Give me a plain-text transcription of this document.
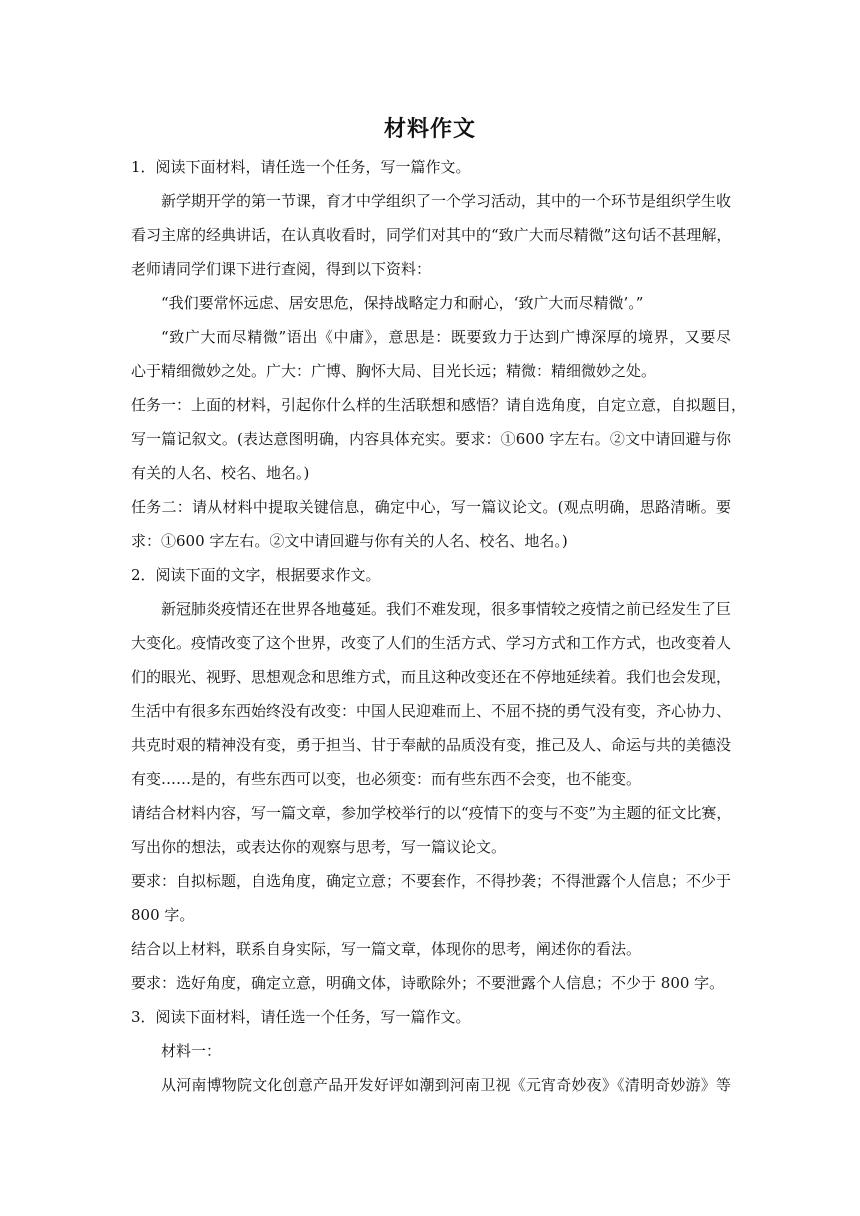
材料作文
1．阅读下面材料，请任选一个任务，写一篇作文。
新学期开学的第一节课，育才中学组织了一个学习活动，其中的一个环节是组织学生收
看习主席的经典讲话，在认真收看时，同学们对其中的“致广大而尽精微”这句话不甚理解，
老师请同学们课下进行查阅，得到以下资料：
“我们要常怀远虑、居安思危，保持战略定力和耐心，‘致广大而尽精微’。”
“致广大而尽精微”语出《中庸》，意思是：既要致力于达到广博深厚的境界，又要尽
心于精细微妙之处。广大：广博、胸怀大局、目光长远；精微：精细微妙之处。
任务一：上面的材料，引起你什么样的生活联想和感悟？请自选角度，自定立意，自拟题目，
写一篇记叙文。(表达意图明确，内容具体充实。要求：①600 字左右。②文中请回避与你
有关的人名、校名、地名。)
任务二：请从材料中提取关键信息，确定中心，写一篇议论文。(观点明确，思路清晰。要
求：①600 字左右。②文中请回避与你有关的人名、校名、地名。)
2．阅读下面的文字，根据要求作文。
新冠肺炎疫情还在世界各地蔓延。我们不难发现，很多事情较之疫情之前已经发生了巨
大变化。疫情改变了这个世界，改变了人们的生活方式、学习方式和工作方式，也改变着人
们的眼光、视野、思想观念和思维方式，而且这种改变还在不停地延续着。我们也会发现，
生活中有很多东西始终没有改变：中国人民迎难而上、不屈不挠的勇气没有变，齐心协力、
共克时艰的精神没有变，勇于担当、甘于奉献的品质没有变，推己及人、命运与共的美德没
有变……是的，有些东西可以变，也必须变：而有些东西不会变，也不能变。
请结合材料内容，写一篇文章，参加学校举行的以“疫情下的变与不变”为主题的征文比赛，
写出你的想法，或表达你的观察与思考，写一篇议论文。
要求：自拟标题，自选角度，确定立意；不要套作，不得抄袭；不得泄露个人信息；不少于
800 字。
结合以上材料，联系自身实际，写一篇文章，体现你的思考，阐述你的看法。
要求：选好角度，确定立意，明确文体，诗歌除外；不要泄露个人信息；不少于 800 字。
3．阅读下面材料，请任选一个任务，写一篇作文。
材料一：
从河南博物院文化创意产品开发好评如潮到河南卫视《元宵奇妙夜》《清明奇妙游》等
